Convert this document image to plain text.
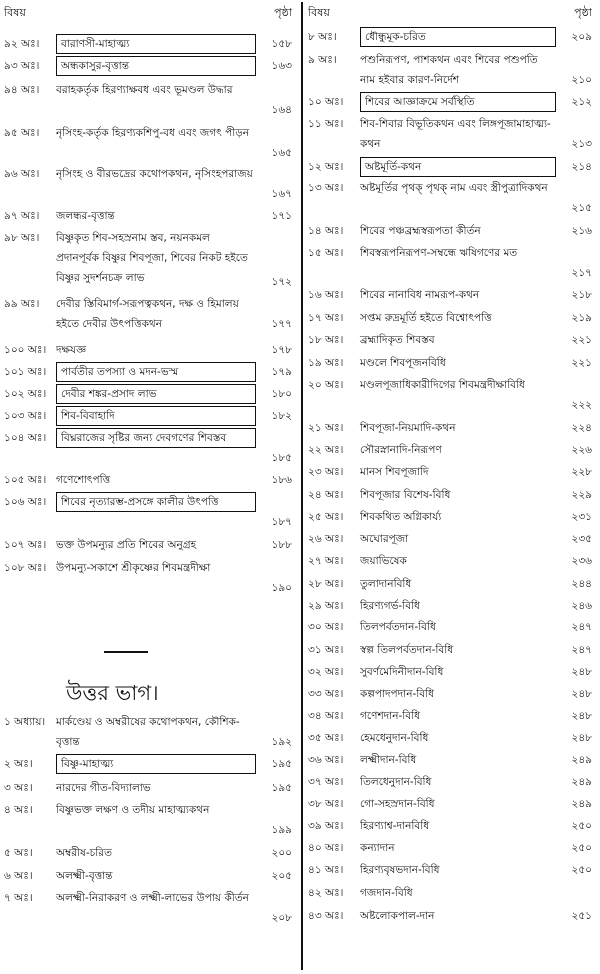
বিষয়	পৃষ্ঠা
উত্তর ভাগ।
৯২ অঃ।	বারাণসী-মাহাত্ম্য	১৫৮
৯৩ অঃ।	অন্ধকাসুর-বৃত্তান্ত	১৬৩
৯৪ অঃ।	বরাহকর্তৃক হিরণ্যাক্ষবধ এবং ভূমণ্ডল উদ্ধার
১৬৪
৯৫ অঃ।	নৃসিংহ-কর্তৃক হিরণ্যকশিপু-বধ এবং জগৎ পীড়ন
১৬৫
৯৬ অঃ।	নৃসিংহ ও বীরভদ্রের কথোপকথন, নৃসিংহপরাজয়
১৬৭
৯৭ অঃ।	জলন্ধর-বৃত্তান্ত	১৭১
৯৮ অঃ।	বিষ্ণুকৃত শিব-সহস্রনাম স্তব, নয়নকমল প্রদানপূর্বক বিষ্ণুর শিবপূজা, শিবের নিকট হইতে বিষ্ণুর সুদর্শনচক্র লাভ	১৭২
৯৯ অঃ।	দেবীর স্তিবিমার্গ-সরূপত্বকথন, দক্ষ ও হিমালয় হইতে দেবীর উৎপত্তিকথন	১৭৭
১০০ অঃ। দক্ষযজ্ঞ	১৭৮
১০১ অঃ।	পার্বতীর তপস্যা ও মদন-ভস্ম	১৭৯
১০২ অঃ।	দেবীর শঙ্কর-প্রসাদ লাভ	১৮০
১০৩ অঃ।	শিব-বিবাহাদি	১৮২
১০৪ অঃ।	বিঘ্নরাজের সৃষ্টির জন্য দেবগণের শিবস্তব
১৮৫
১০৫ অঃ। গণেশোৎপত্তি	১৮৬
১০৬ অঃ।	শিবের নৃত্যারম্ভ-প্রসঙ্গে কালীর উৎপত্তি
১৮৭
১০৭ অঃ। ভক্ত উপমন্যুর প্রতি শিবের অনুগ্রহ	১৮৮
১০৮ অঃ। উপমন্যু-সকাশে শ্রীকৃষ্ণের শিবমন্ত্রদীক্ষা
১৯০
১ অধ্যায়।	মার্কণ্ডেয় ও অম্বরীষের কথোপকথন, কৌশিক-বৃত্তান্ত	১৯২
২ অঃ।	বিষ্ণু-মাহাত্ম্য	১৯৫
৩ অঃ।	নারদের গীত-বিদ্যালাভ	১৯৫
৪ অঃ।	বিষ্ণুভক্ত লক্ষণ ও তদীয় মাহাত্ম্যকথন
১৯৯
৫ অঃ।	অম্বরীষ-চরিত	২০০
৬ অঃ।	অলক্ষ্মী-বৃত্তান্ত	২০৫
৭ অঃ।	অলক্ষ্মী-নিরাকরণ ও লক্ষ্মী-লাভের উপায় কীর্তন
২০৮
বিষয়	পৃষ্ঠা
৮ অঃ।	ধৌন্ধুমূক-চরিত	২০৯
৯ অঃ।	পশুনিরূপণ, পাশকথন এবং শিবের পশুপতি নাম হইবার কারণ-নির্দেশ	২১০
১০ অঃ।	শিবের আজ্ঞাক্রমে সর্বস্থিতি	২১২
১১ অঃ।	শিব-শিবার বিভূতিকথন এবং লিঙ্গপূজামাহাত্ম্য-কথন	২১৩
১২ অঃ।	অষ্টমূর্তি-কথন	২১৪
১৩ অঃ।	অষ্টমূর্তির পৃথক্ পৃথক্ নাম এবং স্ত্রীপুত্রাদিকথন
২১৫
১৪ অঃ।	শিবের পঞ্চব্রহ্মস্বরূপতা কীর্তন	২১৬
১৫ অঃ।	শিবস্বরূপনিরূপণ-সম্বন্ধে ঋষিগণের মত
২১৭
১৬ অঃ।	শিবের নানাবিধ নামরূপ-কথন	২১৮
১৭ অঃ।	সপ্তম রুদ্রমূর্তি হইতে বিশ্বোৎপত্তি	২১৯
১৮ অঃ।	ব্রহ্মাদিকৃত শিবস্তব	২২১
১৯ অঃ।	মণ্ডলে শিবপূজনবিধি	২২১
২০ অঃ।	মণ্ডলপূজাধিকারীদিগের শিবমন্ত্রদীক্ষাবিধি
২২২
২১ অঃ।	শিবপূজা-নিয়মাদি-কথন	২২৪
২২ অঃ।	সৌরস্নানাদি-নিরূপণ	২২৬
২৩ অঃ।	মানস শিবপূজাদি	২২৮
২৪ অঃ।	শিবপূজার বিশেষ-বিধি	২২৯
২৫ অঃ।	শিবকথিত অগ্নিকার্য্য	২৩১
২৬ অঃ।	অঘোরপূজা	২৩৫
২৭ অঃ।	জয়াভিষেক	২৩৬
২৮ অঃ।	তুলাদানবিধি	২৪৪
২৯ অঃ।	হিরণ্যগর্ভ-বিধি	২৪৬
৩০ অঃ।	তিলপর্বতদান-বিধি	২৪৭
৩১ অঃ।	স্বল্প তিলপর্বতদান-বিধি	২৪৭
৩২ অঃ।	সুবর্ণমেদিনীদান-বিধি	২৪৮
৩৩ অঃ।	কল্পপাদপদান-বিধি	২৪৮
৩৪ অঃ।	গণেশদান-বিধি	২৪৮
৩৫ অঃ।	হেমধেনুদান-বিধি	২৪৮
৩৬ অঃ।	লক্ষ্মীদান-বিধি	২৪৯
৩৭ অঃ।	তিলধেনুদান-বিধি	২৪৯
৩৮ অঃ।	গো-সহস্রদান-বিধি	২৪৯
৩৯ অঃ।	হিরণ্যাশ্ব-দানবিধি	২৫০
৪০ অঃ।	কন্যাদান	২৫০
৪১ অঃ।	হিরণ্যবৃষভদান-বিধি	২৫০
৪২ অঃ।	গজদান-বিধি
৪৩ অঃ।	অষ্টলোকপাল-দান	২৫১
